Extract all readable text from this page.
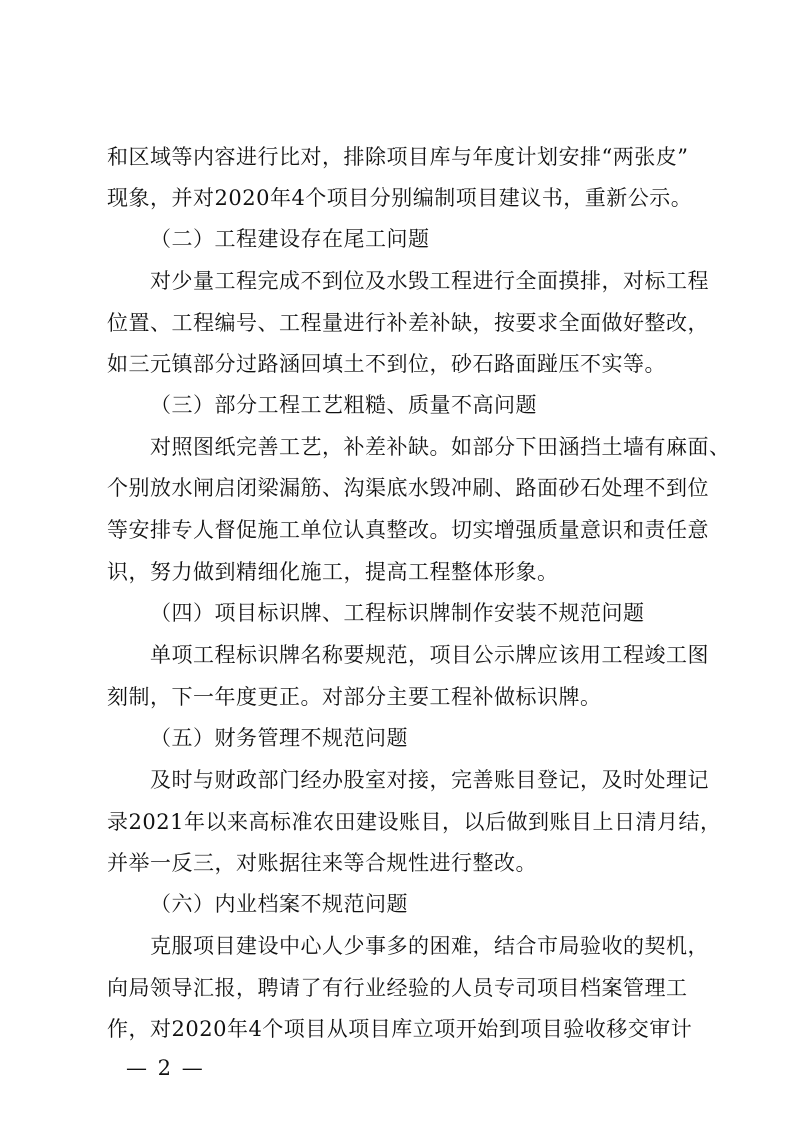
和区域等内容进行比对，排除项目库与年度计划安排“两张皮”
现象，并对2020年4个项目分别编制项目建议书，重新公示。
（二）工程建设存在尾工问题
对少量工程完成不到位及水毁工程进行全面摸排，对标工程
位置、工程编号、工程量进行补差补缺，按要求全面做好整改，
如三元镇部分过路涵回填土不到位，砂石路面踫压不实等。
（三）部分工程工艺粗糙、质量不高问题
对照图纸完善工艺，补差补缺。如部分下田涵挡土墙有麻面、
个别放水闸启闭梁漏筋、沟渠底水毁冲刷、路面砂石处理不到位
等安排专人督促施工单位认真整改。切实增强质量意识和责任意
识，努力做到精细化施工，提高工程整体形象。
（四）项目标识牌、工程标识牌制作安装不规范问题
单项工程标识牌名称要规范，项目公示牌应该用工程竣工图
刻制，下一年度更正。对部分主要工程补做标识牌。
（五）财务管理不规范问题
及时与财政部门经办股室对接，完善账目登记，及时处理记
录2021年以来高标准农田建设账目，以后做到账目上日清月结，
并举一反三，对账据往来等合规性进行整改。
（六）内业档案不规范问题
克服项目建设中心人少事多的困难，结合市局验收的契机，
向局领导汇报，聘请了有行业经验的人员专司项目档案管理工
作，对2020年4个项目从项目库立项开始到项目验收移交审计
— 2 —
